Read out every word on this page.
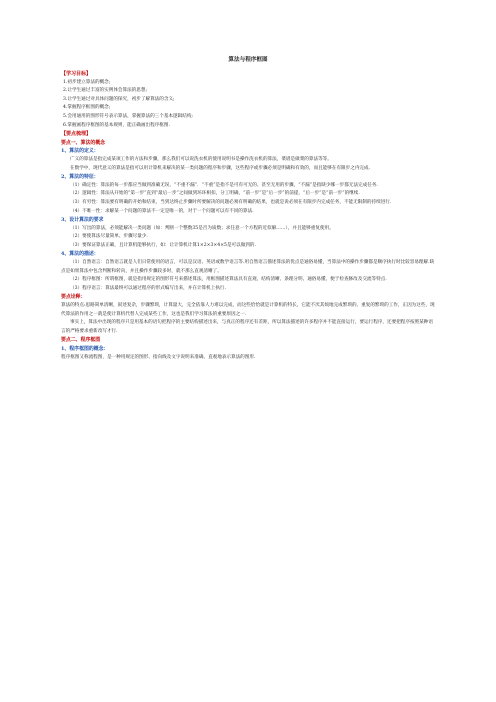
算法与程序框图
【学习目标】
1.初步建立算法的概念;
2.让学生通过丰富的实例体会算法的思想;
3.让学生通过对具体问题的探究，初步了解算法的含义;
4.掌握程序框图的概念;
5.会用通用的图形符号表示算法，掌握算法的三个基本逻辑结构;
6.掌握画程序框图的基本规则，能正确画出程序框图.
【要点梳理】
要点一、算法的概念
1、算法的定义：

广义的算法是指完成某项工作的方法和步骤，那么我们可以说洗衣机的使用说明书是操作洗衣机的算法，菜谱是做菜的算法等等。

在数学中，现代意义的算法是指可以用计算机来解决的某一类问题的程序和步骤，这些程序或步骤必须是明确和有效的，而且能够在有限步之内完成.

2、算法的特征：

（1）确定性：算法的每一步都应当做到准确无误、“不重不漏”．“不重”是指不是可有可无的、甚至无用的步骤，“不漏”是指缺少哪一步都无法完成任务.

（2）逻辑性：算法从开始的“第一步”直到“最后一步”之间做到环环相扣，分工明确，“前一步”是“后一步”的前提，“后一步”是“前一步”的继续.

（3）有穷性：算法要有明确的开始和结束，当到达终止步骤时所要解决的问题必须有明确的结果，也就是说必须在有限步内完成任务，不能无限制的持续进行.

（4）不唯一性：求解某一个问题的算法不一定是唯一的，对于一个问题可以有不同的算法.

3、设计算法的要求

（1）写出的算法，必须能解决一类问题（如：判断一个整数35是否为质数；求任意一个方程的近似解……），并且能够重复使用。

（2）要使算法尽量简单、步骤尽量少.

（3）要保证算法正确，且计算机能够执行，如：让计算机计算1×2×3×4×5是可以做到的.

4、算法的描述：

（1）自然语言：自然语言就是人们日常使用的语言，可以是汉语、英语或数学语言等.用自然语言描述算法的优点是通俗易懂，当算法中的操作步骤都是顺序执行时比较容易理解.缺点是如果算法中包含判断和转向，并且操作步骤较多时，就不那么直观清晰了。

（2）程序框图：所谓框图，就是指用规定的图形符号来描述算法，用框图描述算法具有直观、结构清晰、条理分明、通俗易懂、便于检查修改及交流等特点.

（3）程序语言：算法最终可以通过程序的形式编写出来，并在计算机上执行.

要点诠释：

算法的特点:思路简单清晰，叙述复杂，步骤繁琐，计算量大，完全依靠人力难以完成，而这些恰恰就是计算机的特长，它能不厌其烦地完成繁琐的、重复的繁琐的工作，正因为这些，现代算法的作用之一就是使计算机代替人完成某些工作，这也是我们学习算法的重要原因之一.

事实上，算法中出现的程序只是用基本的语句把程序的主要结构描述出来，与真正的程序还有差距，所以算法描述的许多程序并不能直接运行，要运行程序，还要把程序按照某种语言的严格要求重新改写才行.

要点二、程序框图
1、程序框图的概念：

程序框图又称流程图，是一种用规定的图形、指向线及文字说明来准确、直观地表示算法的图形.
